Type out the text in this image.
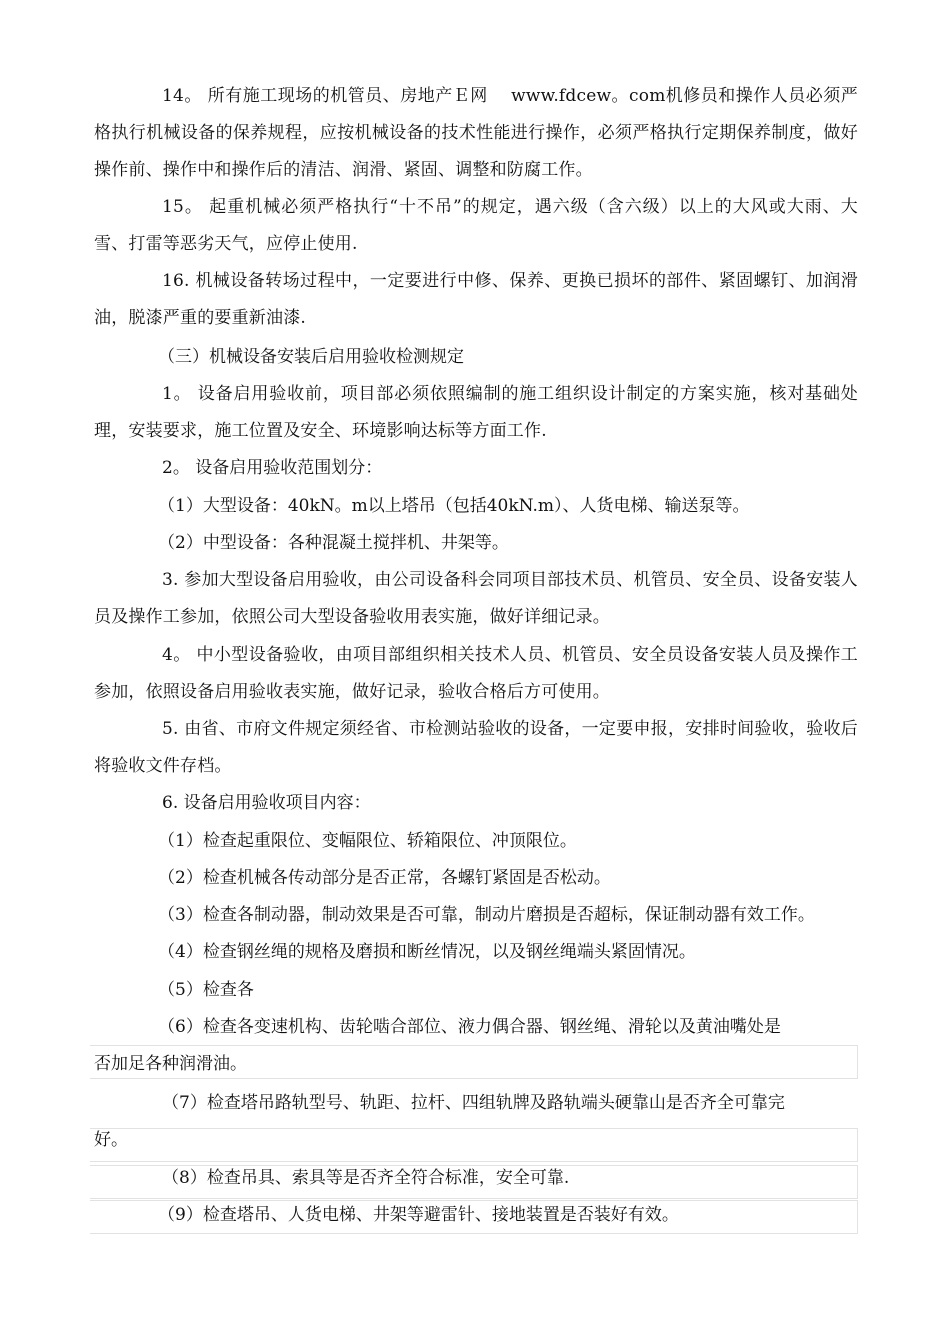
14。 所有施工现场的机管员、房地产Ｅ网 　www.fdcew。com机修员和操作人员必须严格执行机械设备的保养规程，应按机械设备的技术性能进行操作，必须严格执行定期保养制度，做好操作前、操作中和操作后的清洁、润滑、紧固、调整和防腐工作。

15。 起重机械必须严格执行“十不吊”的规定，遇六级（含六级）以上的大风或大雨、大雪、打雷等恶劣天气，应停止使用.

16. 机械设备转场过程中，一定要进行中修、保养、更换已损坏的部件、紧固螺钉、加润滑油，脱漆严重的要重新油漆.

（三）机械设备安装后启用验收检测规定

1。 设备启用验收前，项目部必须依照编制的施工组织设计制定的方案实施，核对基础处理，安装要求，施工位置及安全、环境影响达标等方面工作.

2。 设备启用验收范围划分：

（1）大型设备：40kN。m以上塔吊（包括40kN.m）、人货电梯、输送泵等。

（2）中型设备：各种混凝土搅拌机、井架等。

3. 参加大型设备启用验收，由公司设备科会同项目部技术员、机管员、安全员、设备安装人员及操作工参加，依照公司大型设备验收用表实施，做好详细记录。

4。 中小型设备验收，由项目部组织相关技术人员、机管员、安全员设备安装人员及操作工参加，依照设备启用验收表实施，做好记录，验收合格后方可使用。

5. 由省、市府文件规定须经省、市检测站验收的设备，一定要申报，安排时间验收，验收后将验收文件存档。

6. 设备启用验收项目内容：

（1）检查起重限位、变幅限位、轿箱限位、冲顶限位。

（2）检查机械各传动部分是否正常，各螺钉紧固是否松动。

（3）检查各制动器，制动效果是否可靠，制动片磨损是否超标，保证制动器有效工作。

（4）检查钢丝绳的规格及磨损和断丝情况，以及钢丝绳端头紧固情况。

（5）检查各

（6）检查各变速机构、齿轮啮合部位、液力偶合器、钢丝绳、滑轮以及黄油嘴处是

否加足各种润滑油。

（7）检查塔吊路轨型号、轨距、拉杆、四组轨牌及路轨端头硬靠山是否齐全可靠完

好。

（8）检查吊具、索具等是否齐全符合标准，安全可靠.

（9）检查塔吊、人货电梯、井架等避雷针、接地装置是否装好有效。
